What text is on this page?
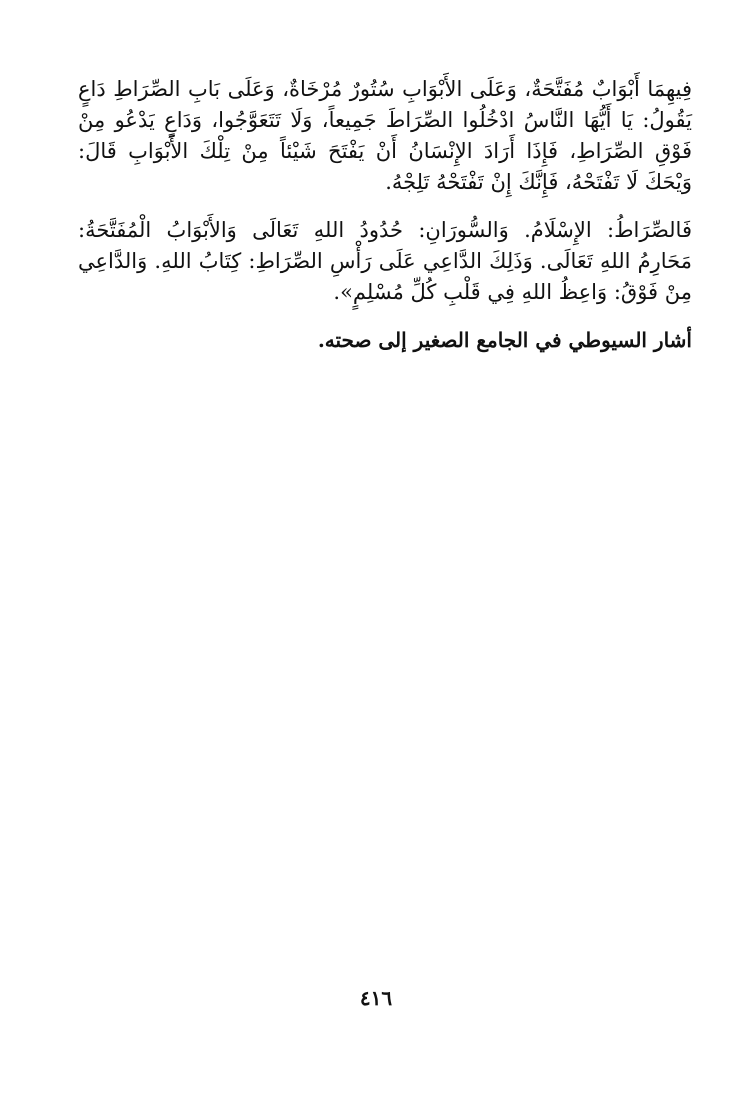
فِيهِمَا أَبْوَابٌ مُفَتَّحَةٌ، وَعَلَى الأَبْوَابِ سُتُورٌ مُرْخَاةٌ، وَعَلَى بَابِ الصِّرَاطِ دَاعٍ يَقُولُ: يَا أَيُّهَا النَّاسُ ادْخُلُوا الصِّرَاطَ جَمِيعاً، وَلَا تَتَعَوَّجُوا، وَدَاعٍ يَدْعُو مِنْ فَوْقِ الصِّرَاطِ، فَإِذَا أَرَادَ الإِنْسَانُ أَنْ يَفْتَحَ شَيْئاً مِنْ تِلْكَ الأَبْوَابِ قَالَ: وَيْحَكَ لَا تَفْتَحْهُ، فَإِنَّكَ إِنْ تَفْتَحْهُ تَلِجْهُ.

فَالصِّرَاطُ: الإِسْلَامُ. وَالسُّورَانِ: حُدُودُ اللهِ تَعَالَى وَالأَبْوَابُ الْمُفَتَّحَةُ: مَحَارِمُ اللهِ تَعَالَى. وَذَلِكَ الدَّاعِي عَلَى رَأْسِ الصِّرَاطِ: كِتَابُ اللهِ. وَالدَّاعِي مِنْ فَوْقُ: وَاعِظُ اللهِ فِي قَلْبِ كُلِّ مُسْلِمٍ».

أشار السيوطي في الجامع الصغير إلى صحته.

٤١٦
